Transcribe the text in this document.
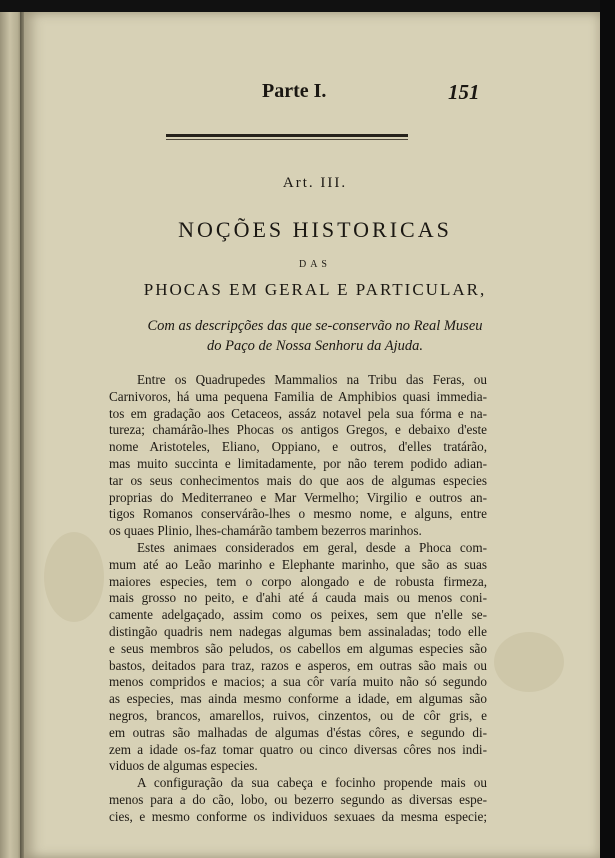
Parte I.	151
Art. III.
NOÇÕES HISTORICAS
DAS
PHOCAS EM GERAL E PARTICULAR,
Com as descripções das que se-conservão no Real Museu
do Paço de Nossa Senhoru da Ajuda.
Entre os Quadrupedes Mammalios na Tribu das Feras, ou
Carnivoros, há uma pequena Familia de Amphibios quasi immedia-
tos em gradação aos Cetaceos, assáz notavel pela sua fórma e na-
tureza; chamárão-lhes Phocas os antigos Gregos, e debaixo d'este
nome Aristoteles, Eliano, Oppiano, e outros, d'elles tratárão,
mas muito succinta e limitadamente, por não terem podido adian-
tar os seus conhecimentos mais do que aos de algumas especies
proprias do Mediterraneo e Mar Vermelho; Virgilio e outros an-
tigos Romanos conservárão-lhes o mesmo nome, e alguns, entre
os quaes Plinio, lhes-chamárão tambem bezerros marinhos.
Estes animaes considerados em geral, desde a Phoca com-
mum até ao Leão marinho e Elephante marinho, que são as suas
maiores especies, tem o corpo alongado e de robusta firmeza,
mais grosso no peito, e d'ahi até á cauda mais ou menos coni-
camente adelgaçado, assim como os peixes, sem que n'elle se-
distingão quadris nem nadegas algumas bem assinaladas; todo elle
e seus membros são peludos, os cabellos em algumas especies são
bastos, deitados para traz, razos e asperos, em outras são mais ou
menos compridos e macios; a sua côr varía muito não só segundo
as especies, mas ainda mesmo conforme a idade, em algumas são
negros, brancos, amarellos, ruivos, cinzentos, ou de côr gris, e
em outras são malhadas de algumas d'éstas côres, e segundo di-
zem a idade os-faz tomar quatro ou cinco diversas côres nos indi-
viduos de algumas especies.
A configuração da sua cabeça e focinho propende mais ou
menos para a do cão, lobo, ou bezerro segundo as diversas espe-
cies, e mesmo conforme os individuos sexuaes da mesma especie;
